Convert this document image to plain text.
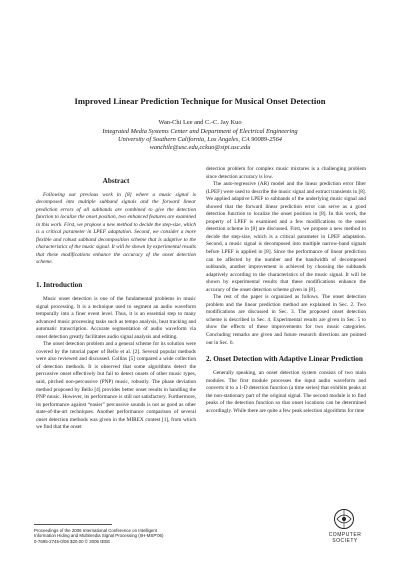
Improved Linear Prediction Technique for Musical Onset Detection
Wan-Chi Lee and C.-C. Jay Kuo
Integrated Media Systems Center and Department of Electrical Engineering
University of Southern California, Los Angeles, CA 90089-2564
wanchile@usc.edu,cckuo@sipi.usc.edu
Abstract

Following our previous work in [8] where a music signal is decomposed into multiple subband signals and the forward linear prediction errors of all subbands are combined to give the detection function to localize the onset position, two enhanced features are examined in this work. First, we propose a new method to decide the step-size, which is a critical parameter in LPEF adaptation. Second, we consider a more flexible and robust subband decomposition scheme that is adaptive to the characteristics of the music signal. It will be shown by experimental results that these modifications enhance the accuracy of the onset detection scheme.

1. Introduction

Music onset detection is one of the fundamental problems in music signal processing. It is a technique used to segment an audio waveform temporally into a finer event level. Thus, it is an essential step to many advanced music processing tasks such as tempo analysis, beat tracking and automatic transcription. Accurate segmentation of audio waveform via onset detection greatly facilitates audio signal analysis and editing.

The onset detection problem and a general scheme for its solution were covered by the tutorial paper of Bello et al. [2]. Several popular methods were also reviewed and discussed. Collins [5] compared a wide collection of detection methods. It is observed that some algorithms detect the percussive onset effectively but fail to detect onsets of other music types, said, pitched non-percussive (PNP) music, robustly. The phase deviation method proposed by Bello [4] provides better onset results in handling the PNP music. However, its performance is still not satisfactory. Furthermore, its performance against “easier” percussive sounds is not as good as other state-of-the-art techniques. Another performance comparison of several onset detection methods was given in the MIREX contest [1], from which we find that the onset

detection problem for complex music mixtures is a challenging problem since detection accuracy is low.

The auto-regressive (AR) model and the linear prediction error filter (LPEF) were used to describe the music signal and extract transients in [8]. We applied adaptive LPEF to subbands of the underlying music signal and showed that the forward linear prediction error can serve as a good detection function to localize the onset position in [8]. In this work, the property of LPEF is examined and a few modifications to the onset detection scheme in [8] are discussed. First, we propose a new method to decide the step-size, which is a critical parameter in LPEF adaptation. Second, a music signal is decomposed into multiple narrow-band signals before LPEF is applied in [8]. Since the performance of linear prediction can be affected by the number and the bandwidth of decomposed subbands, another improvement is achieved by choosing the subbands adaptively according to the characteristics of the music signal. It will be shown by experimental results that these modifications enhance the accuracy of the onset detection scheme given in [8].

The rest of the paper is organized as follows. The onset detection problem and the linear prediction method are explained in Sec. 2. Two modifications are discussed in Sec. 3. The proposed onset detection scheme is described in Sec. 4. Experimental results are given in Sec. 5 to show the effects of these improvements for two music categories. Concluding remarks are given and future research directions are pointed out in Sec. 6.

2. Onset Detection with Adaptive Linear Prediction

Generally speaking, an onset detection system consists of two main modules. The first module processes the input audio waveform and converts it to a 1-D detection function (a time series) that exhibits peaks at the non-stationary part of the original signal. The second module is to find peaks of the detection function so that onset locations can be determined accordingly. While there are quite a few peak selection algorithms for time

Proceedings of the 2006 International Conference on Intelligent
Information Hiding and Multimedia Signal Processing (IIH-MSP'06)
0-7695-2745-0/06 $20.00 © 2006 IEEE
COMPUTER
SOCIETY
